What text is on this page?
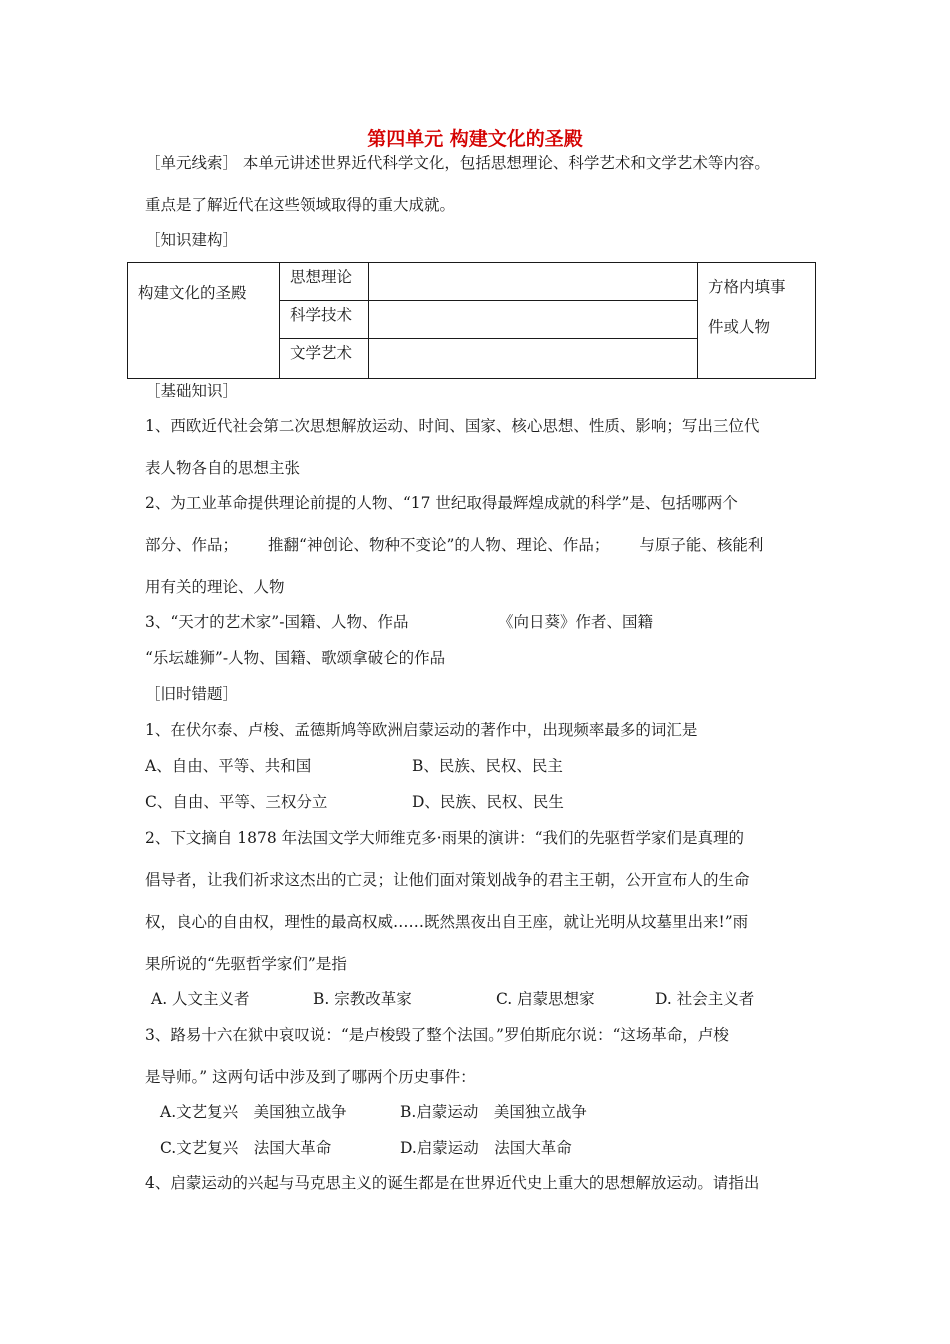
第四单元 构建文化的圣殿
［单元线索］ 本单元讲述世界近代科学文化，包括思想理论、科学艺术和文学艺术等内容。
重点是了解近代在这些领域取得的重大成就。
［知识建构］
构建文化的圣殿	思想理论		方格内填事
件或人物

	科学技术		
	文学艺术		
［基础知识］
1、西欧近代社会第二次思想解放运动、时间、国家、核心思想、性质、影响；写出三位代
表人物各自的思想主张
2、为工业革命提供理论前提的人物、“17 世纪取得最辉煌成就的科学”是、包括哪两个
部分、作品； 推翻“神创论、物种不变论”的人物、理论、作品； 与原子能、核能利
用有关的理论、人物
3、“天才的艺术家”-国籍、人物、作品	《向日葵》作者、国籍
“乐坛雄狮”-人物、国籍、歌颂拿破仑的作品
［旧时错题］
1、在伏尔泰、卢梭、孟德斯鸠等欧洲启蒙运动的著作中，出现频率最多的词汇是
A、自由、平等、共和国	B、民族、民权、民主
C、自由、平等、三权分立	D、民族、民权、民生
2、下文摘自 1878 年法国文学大师维克多·雨果的演讲：“我们的先驱哲学家们是真理的
倡导者，让我们祈求这杰出的亡灵；让他们面对策划战争的君主王朝，公开宣布人的生命
权，良心的自由权，理性的最高权威……既然黑夜出自王座，就让光明从坟墓里出来!”雨
果所说的“先驱哲学家们”是指
A. 人文主义者	B. 宗教改革家	C. 启蒙思想家	D. 社会主义者
3、路易十六在狱中哀叹说：“是卢梭毁了整个法国。”罗伯斯庇尔说：“这场革命，卢梭
是导师。” 这两句话中涉及到了哪两个历史事件：
A.文艺复兴　美国独立战争	B.启蒙运动　美国独立战争
C.文艺复兴　法国大革命	D.启蒙运动　法国大革命
4、启蒙运动的兴起与马克思主义的诞生都是在世界近代史上重大的思想解放运动。请指出
